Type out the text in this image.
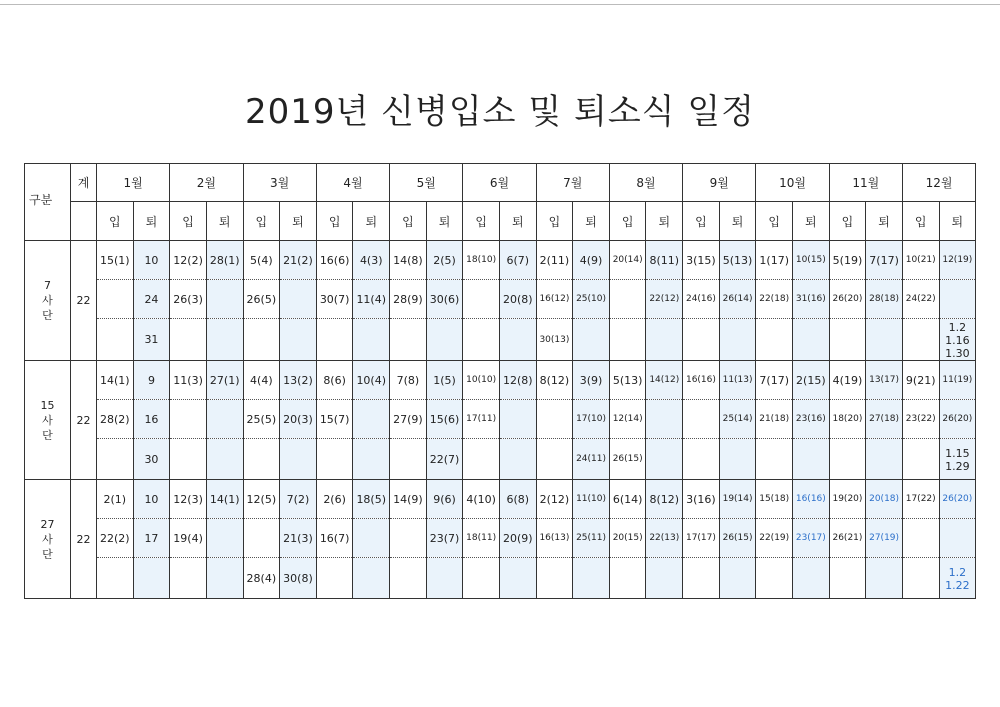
2019년 신병입소 및 퇴소식 일정
구분	계	1월		2월		3월		4월		5월		6월		7월		8월		9월		10월		11월		12월	
		입	퇴	입	퇴	입	퇴	입	퇴	입	퇴	입	퇴	입	퇴	입	퇴	입	퇴	입	퇴	입	퇴	입	퇴

7
사
단	22	15(1)	10	12(2)	28(1)	5(4)	21(2)	16(6)	4(3)	14(8)	2(5)	18(10)	6(7)	2(11)	4(9)	20(14)	8(11)	3(15)	5(13)	1(17)	10(15)	5(19)	7(17)	10(21)	12(19)
			24	26(3)		26(5)		30(7)	11(4)	28(9)	30(6)		20(8)	16(12)	25(10)		22(12)	24(16)	26(14)	22(18)	31(16)	26(20)	28(18)	24(22)	
			31											30(13)											1.2
1.16
1.30

15
사
단	22	14(1)	9	11(3)	27(1)	4(4)	13(2)	8(6)	10(4)	7(8)	1(5)	10(10)	12(8)	8(12)	3(9)	5(13)	14(12)	16(16)	11(13)	7(17)	2(15)	4(19)	13(17)	9(21)	11(19)
		28(2)	16			25(5)	20(3)	15(7)		27(9)	15(6)	17(11)			17(10)	12(14)			25(14)	21(18)	23(16)	18(20)	27(18)	23(22)	26(20)
			30								22(7)				24(11)	26(15)									1.15
1.29

27
사
단	22	2(1)	10	12(3)	14(1)	12(5)	7(2)	2(6)	18(5)	14(9)	9(6)	4(10)	6(8)	2(12)	11(10)	6(14)	8(12)	3(16)	19(14)	15(18)	16(16)	19(20)	20(18)	17(22)	26(20)
		22(2)	17	19(4)			21(3)	16(7)			23(7)	18(11)	20(9)	16(13)	25(11)	20(15)	22(13)	17(17)	26(15)	22(19)	23(17)	26(21)	27(19)		
						28(4)	30(8)																		1.2
1.22
